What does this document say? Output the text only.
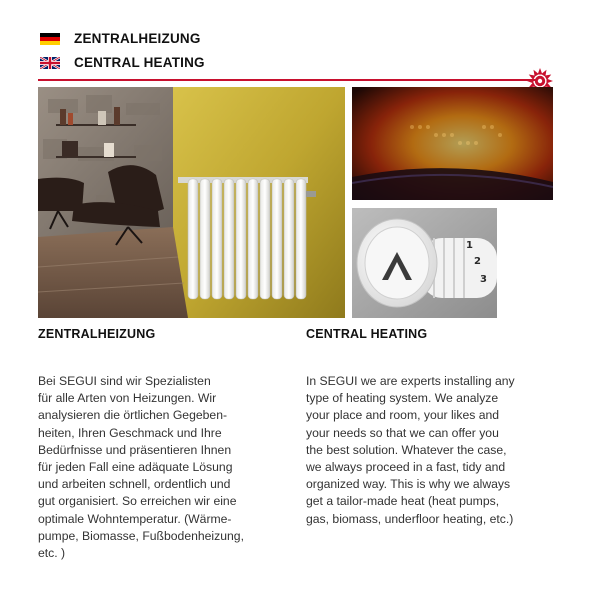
ZENTRALHEIZUNG
CENTRAL HEATING
2
3
1
ZENTRALHEIZUNG	CENTRAL HEATING
Bei SEGUI sind wir Spezialisten
für alle Arten von Heizungen. Wir
analysieren die örtlichen Gegeben-
heiten, Ihren Geschmack und Ihre
Bedürfnisse und präsentieren Ihnen
für jeden Fall eine adäquate Lösung
und arbeiten schnell, ordentlich und
gut organisiert. So erreichen wir eine
optimale Wohntemperatur. (Wärme-
pumpe, Biomasse, Fußbodenheizung,
etc. )
In SEGUI we are experts installing any
type of heating system. We analyze
your place and room, your likes and
your needs so that we can offer you
the best solution. Whatever the case,
we always proceed in a fast, tidy and
organized way. This is why we always
get a tailor-made heat (heat pumps,
gas, biomass, underfloor heating, etc.)
